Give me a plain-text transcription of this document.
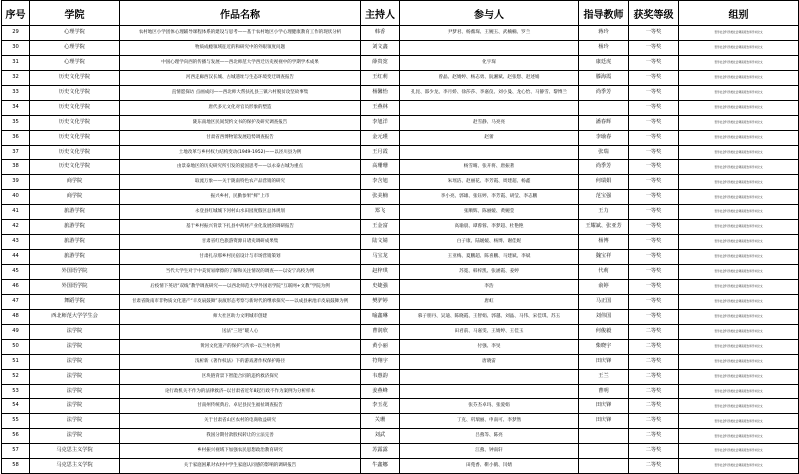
序号	学院	作品名称	主持人	参与人	指导教师	获奖等级	组别
29	心理学院	农村地区小学团体心理辅导课程体系的建设与思考——基于农村地区小学心理健康教育工作的现状分析	韩香	尹梦君、杨薇琛、王婉玉、武楠楠、罗兰	蒋玲	一等奖	哲学社会科学类社会调查报告和学术论文
30	心理学院	物质成瘾领域征近的和研究中的外眼领度问题	刘文鑫		杨玲	一等奖	哲学社会科学类社会调查报告和学术论文
31	心理学院	中国心理学向西的传播与发展——西北师范大学西迁历史视视中的学期学术成果	薛贵宽	化宇琛	康廷虎	一等奖	哲学社会科学类社会调查报告和学术论文
32	历史文化学院	河西走廊西汉长城、古城遗址与生态环境变迁调查报告	王红莉	曾晶、赵婧婷、杨志勇、阮湘斌、赵张想、赵述娟	滕海霞	一等奖	哲学社会科学类社会调查报告和学术论文
33	历史文化学院	直情愿探访 点画成问——西北师大帮扶礼县三镇六村脱贫攻坚故事集	杨馨怡	孔昆、邵少龙、李月娇、徐莎莎、李嘉仪、刘小曼、龙心怡、马静雪、黎博兰	尚季芳	一等奖	哲学社会科学类社会调查报告和学术论文
34	历史文化学院	唐代多元文化对官员形象的塑造	王燕林			一等奖	哲学社会科学类社会调查报告和学术论文
35	历史文化学院	陇东南地区民间契约文书的保护及研究调查报告	李旭洋	赵雪静、马亮亮	潘春辉	一等奖	哲学社会科学类社会调查报告和学术论文
36	历史文化学院	甘肃省西博物馆发展趋势调查报告	金元瑾	赵蕾	李瑜春	一等奖	哲学社会科学类社会调查报告和学术论文
37	历史文化学院	土地改革与乡村权力结构变动(1949-1952)——以泾川县为例	王月霞		张瑞	一等奖	哲学社会科学类社会调查报告和学术论文
38	历史文化学院	由景泰地区的历史研究所引发的爱国思考——以永泰古城为重点	高珊珊	杨雪晴、张开将、唐振著	尚季芳	一等奖	哲学社会科学类社会调查报告和学术论文
39	商学院	取流万象——关于陇南特色农产品营销的研究	李含旭	朱瑶洁、赵丽花、李芳霞、周建超、杨鑫	何瑞娟	一等奖	哲学社会科学类社会调查报告和学术论文
40	商学院	振兴乡村，民勤参果“鲜”上市	张美楠	李小亮、郭雄、张钰婷、李芳霞、胡莹、李志鹏	范宝强	一等奖	哲学社会科学类社会调查报告和学术论文
41	旅游学院	永登县红城城下河村山水田园度假区总体规划	郑飞	张顺辉、陈丽媛、黄婉莹	王力	一等奖	哲学社会科学类社会调查报告和学术论文
42	旅游学院	基于乡村振兴背景下扎县中药材产业化发展的调研报告	王金富	高瑜晨、谭蓉蓉、李梦超、杜艳艳	王耀斌、张亚芳	一等奖	哲学社会科学类社会调查报告和学术论文
43	旅游学院	甘肃省红色旅游资源日诸史调研成果集	陆文婧	白子康、陆媛媛、杨博、谢佳妮	杨博	一等奖	哲学社会科学类社会调查报告和学术论文
44	旅游学院	甘肃扎尕那乡村民宿设计与市场营销策划	马宝龙	王亚梅、夏鹏超、陈喜鹏、马建斌、李斌	魏宝祥	一等奖	哲学社会科学类社会调查报告和学术论文
45	外国语学院	当代大学生对于中美贸易摩擦的了解和关注情况的调查——以安宁高校为例	赵梓琪	苏冕、韩梓凯、张涵霞、姜婷	代莉	一等奖	哲学社会科学类社会调查报告和学术论文
46	外国语学院	后疫情下英语“双线”教学调查研究——以西北师范大学外国语学院“互联网+文教”学院为例	史婕强	李浩	俞婷	一等奖	哲学社会科学类社会调查报告和学术论文
47	舞蹈学院	甘肃省陇南市非物质文化遗产“羊皮扇鼓舞”表演形态考察与新时代的继承探究——以成县索池羊皮扇鼓舞为例	樊驴婷	唐虹	马正国	一等奖	哲学社会科学类社会调查报告和学术论文
48	西北师范大学学生会	师大社区助力文明城市创建	喻鑫琳	慕子朋丹、吴迪、陈晓霞、王智娟、郭越、刘晶、马伟、宋佳琪、苏玉	刘伟国	一等奖	哲学社会科学类社会调查报告和学术论文
49	法学院	送法“三进”暖人心	曹润欣	田君前、马嘉雯、王婧婷、王佳玉	何俊毅	二等奖	哲学社会科学类社会调查报告和学术论文
50	法学院	黄河文化遗产的保护与传承--以兰州为例	黄小丽	付强、李旻	柴晓宇	二等奖	哲学社会科学类社会调查报告和学术论文
51	法学院	浅析新《著作权法》下的游戏著作权保护路径	符翔宇	唐晓雷	田庆锋	二等奖	哲学社会科学类社会调查报告和学术论文
52	法学院	区块链背景下智能合同的违约救济探究	韦惠韵		王兰	二等奖	哲学社会科学类社会调查报告和学术论文
53	法学院	论行政机关不作为的法律救济--以甘肃省近年8起行政不作为案例为分析样本	姜燕峰		曹明	二等奖	哲学社会科学类社会调查报告和学术论文
54	法学院	甘南州传统典后、卓尼县民生福祉调查报告	李玉花	张芬杰卓玛、张爱娟	田庆锋	二等奖	哲学社会科学类社会调查报告和学术论文
55	法学院	关于甘肃省山区农村的电商收益研究	关珊	丁克、巩瑞丽、申南可、李梦然	田庆锋	二等奖	哲学社会科学类社会调查报告和学术论文
56	法学院	我国分期付款股权转让的立法完善	刘武	吕燕等、陈亮		二等奖	哲学社会科学类社会调查报告和学术论文
57	马克思主义学院	乡村振兴视域下加强农民思想政治教育研究	苏露露	江燕、钟南轩		二等奖	哲学社会科学类社会调查报告和学术论文
58	马克思主义学院	关于家庭困累对农村中学生家庭认同感的影响的调研报告	牛鑫娜	田苑香、靳小鹤、闫婧		二等奖	哲学社会科学类社会调查报告和学术论文
